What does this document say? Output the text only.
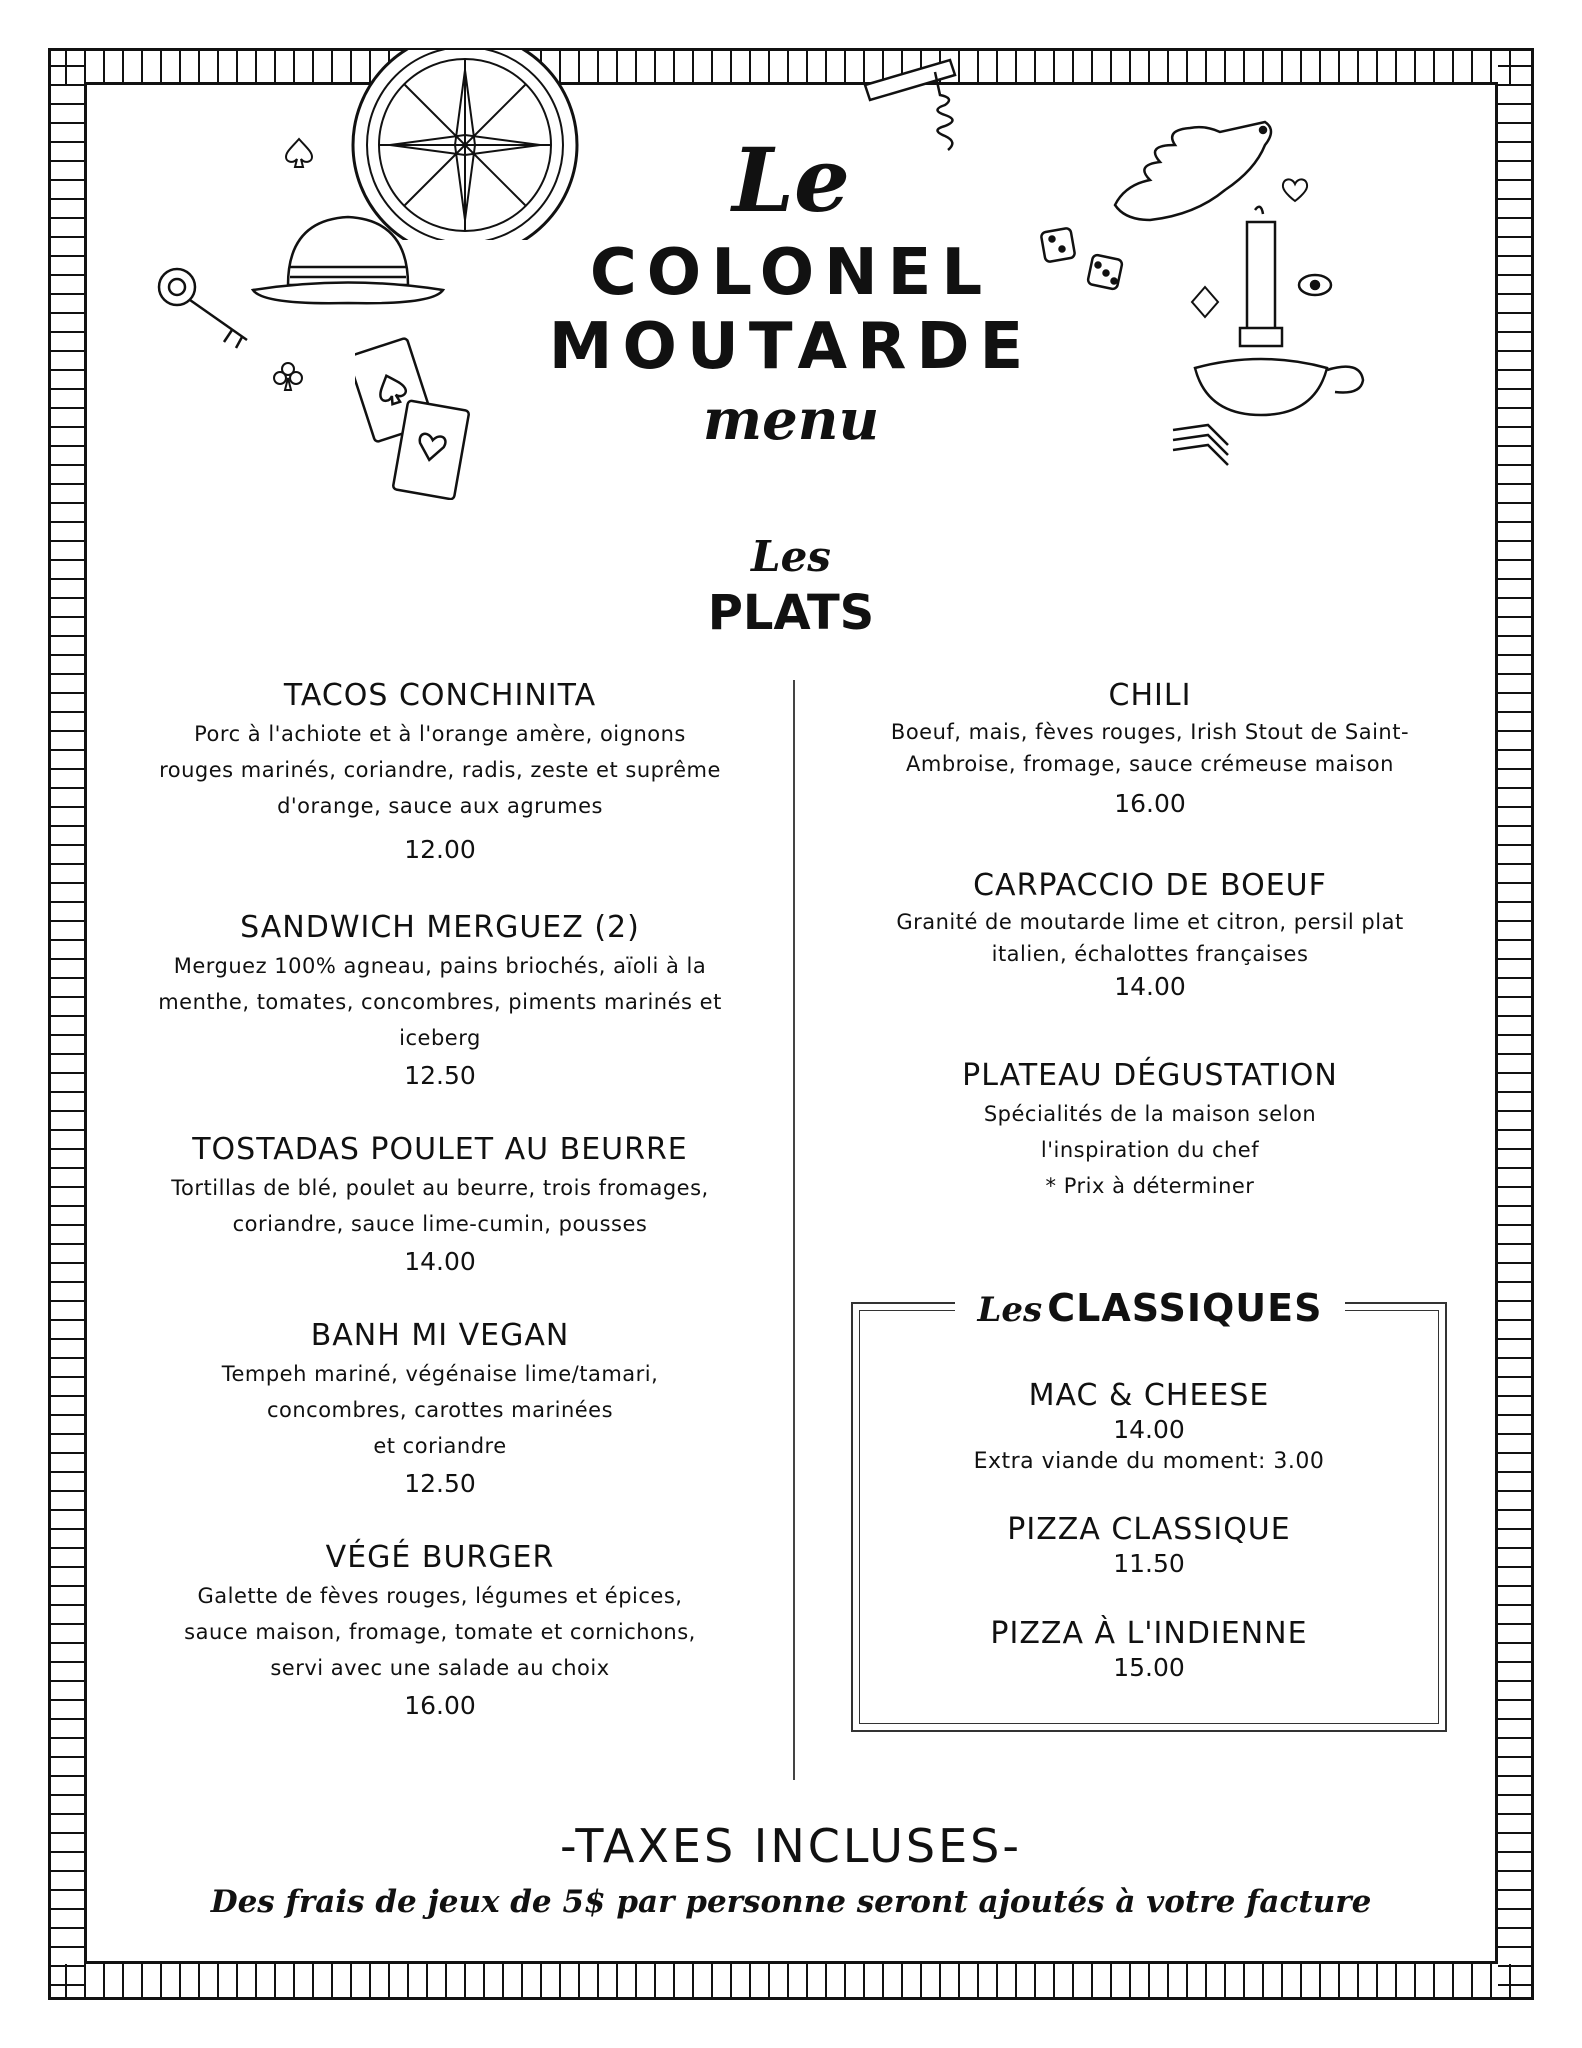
Le
COLONEL
MOUTARDE
menu
Les
PLATS
TACOS CONCHINITA
Porc à l'achiote et à l'orange amère, oignons
rouges marinés, coriandre, radis, zeste et suprême
d'orange, sauce aux agrumes
12.00
SANDWICH MERGUEZ (2)
Merguez 100% agneau, pains briochés, aïoli à la
menthe, tomates, concombres, piments marinés et
iceberg
12.50
TOSTADAS POULET AU BEURRE
Tortillas de blé, poulet au beurre, trois fromages,
coriandre, sauce lime-cumin, pousses
14.00
BANH MI VEGAN
Tempeh mariné, végénaise lime/tamari,
concombres, carottes marinées
et coriandre
12.50
VÉGÉ BURGER
Galette de fèves rouges, légumes et épices,
sauce maison, fromage, tomate et cornichons,
servi avec une salade au choix
16.00
CHILI
Boeuf, mais, fèves rouges, Irish Stout de Saint-
Ambroise, fromage, sauce crémeuse maison
16.00
CARPACCIO DE BOEUF
Granité de moutarde lime et citron, persil plat
italien, échalottes françaises
14.00
PLATEAU DÉGUSTATION
Spécialités de la maison selon
l'inspiration du chef
* Prix à déterminer
Les CLASSIQUES
MAC & CHEESE
14.00
Extra viande du moment: 3.00
PIZZA CLASSIQUE
11.50
PIZZA À L'INDIENNE
15.00
-TAXES INCLUSES-
Des frais de jeux de 5$ par personne seront ajoutés à votre facture
